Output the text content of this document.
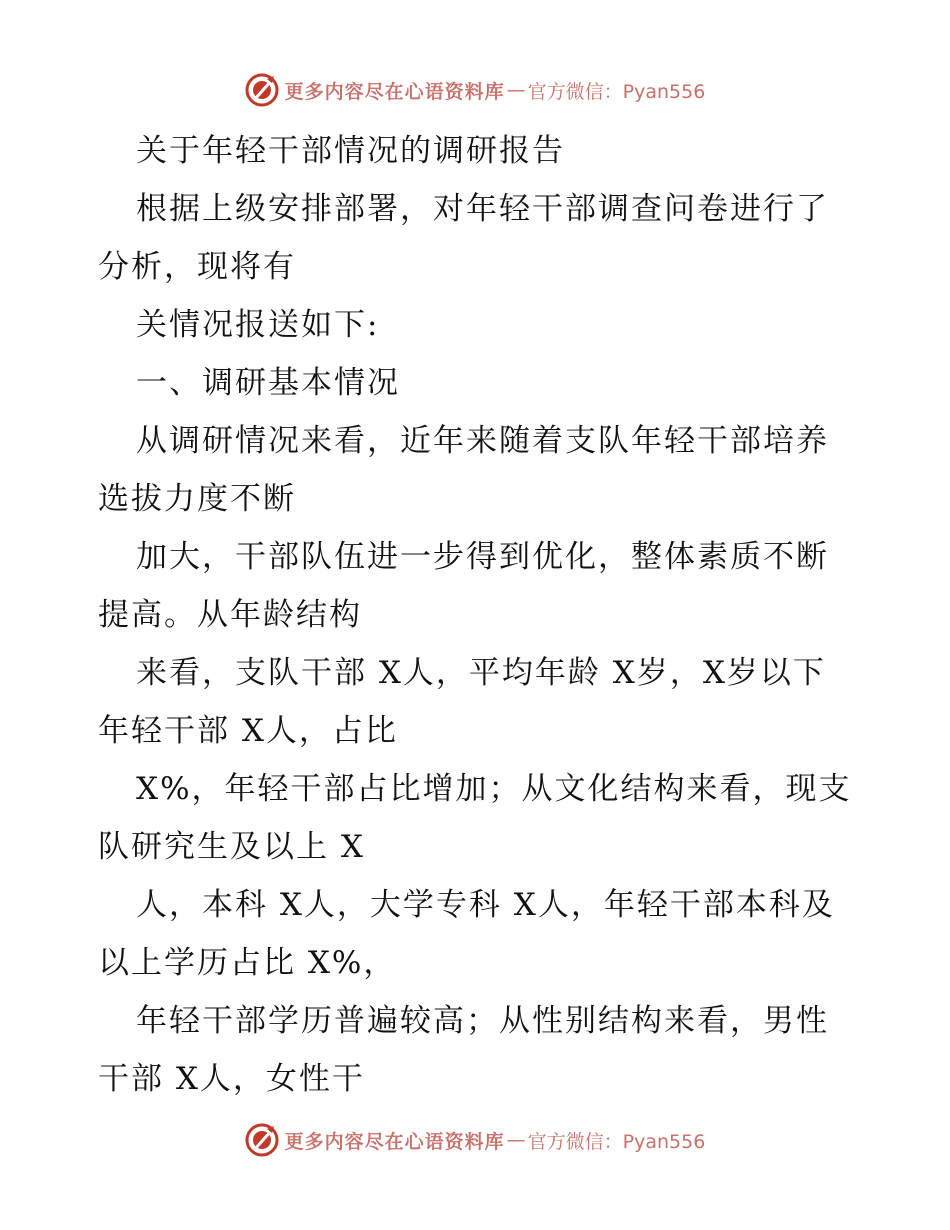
更多内容尽在心语资料库 — 官方微信：Pyan556

关于年轻干部情况的调研报告

根据上级安排部署，对年轻干部调查问卷进行了分析，现将有

关情况报送如下:

一、调研基本情况

从调研情况来看，近年来随着支队年轻干部培养选拔力度不断

加大，干部队伍进一步得到优化，整体素质不断提高。从年龄结构

来看，支队干部 X人，平均年龄 X岁，X岁以下年轻干部 X人，占比

X%，年轻干部占比增加；从文化结构来看，现支队研究生及以上 X

人，本科 X人，大学专科 X人，年轻干部本科及以上学历占比 X%，

年轻干部学历普遍较高；从性别结构来看，男性干部 X人，女性干

更多内容尽在心语资料库 — 官方微信：Pyan556
